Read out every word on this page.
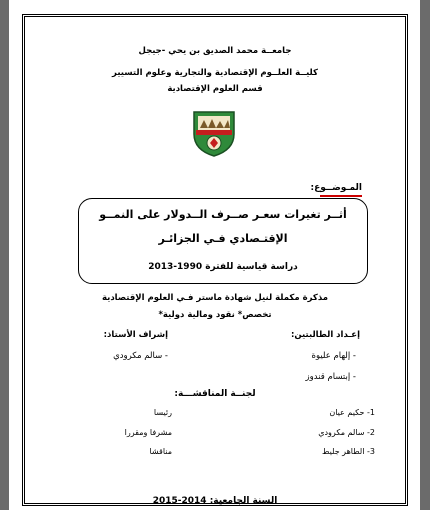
جامعــة محمد الصديق بن يحي -جيجل
كليــة العلــوم الإقتصادية والتجارية وعلوم التسيير
قسم العلوم الإقتصادية
المـوضــوع:
أثــر تغيرات سعـر صــرف الــدولار على النمــو
الإقتـصادي فـي الجزائـر
دراسة قياسية للفترة 1990-2013
مذكرة مكملة لنيل شهادة ماستر فـي العلوم الإقتصادية
تخصص* نقود ومالية دولية*
إعـداد الطالبتين:
- إلهام عليوة
- إبتسام قندوز
إشراف الأستاذ:
- سالم مكرودي
لجنــة المناقشـــة:
1- حكيم عيان
رئيسا
2- سالم مكرودي
مشرفا ومقررا
3- الطاهر جليط
مناقشا
السنة الجامعية: 2014-2015
